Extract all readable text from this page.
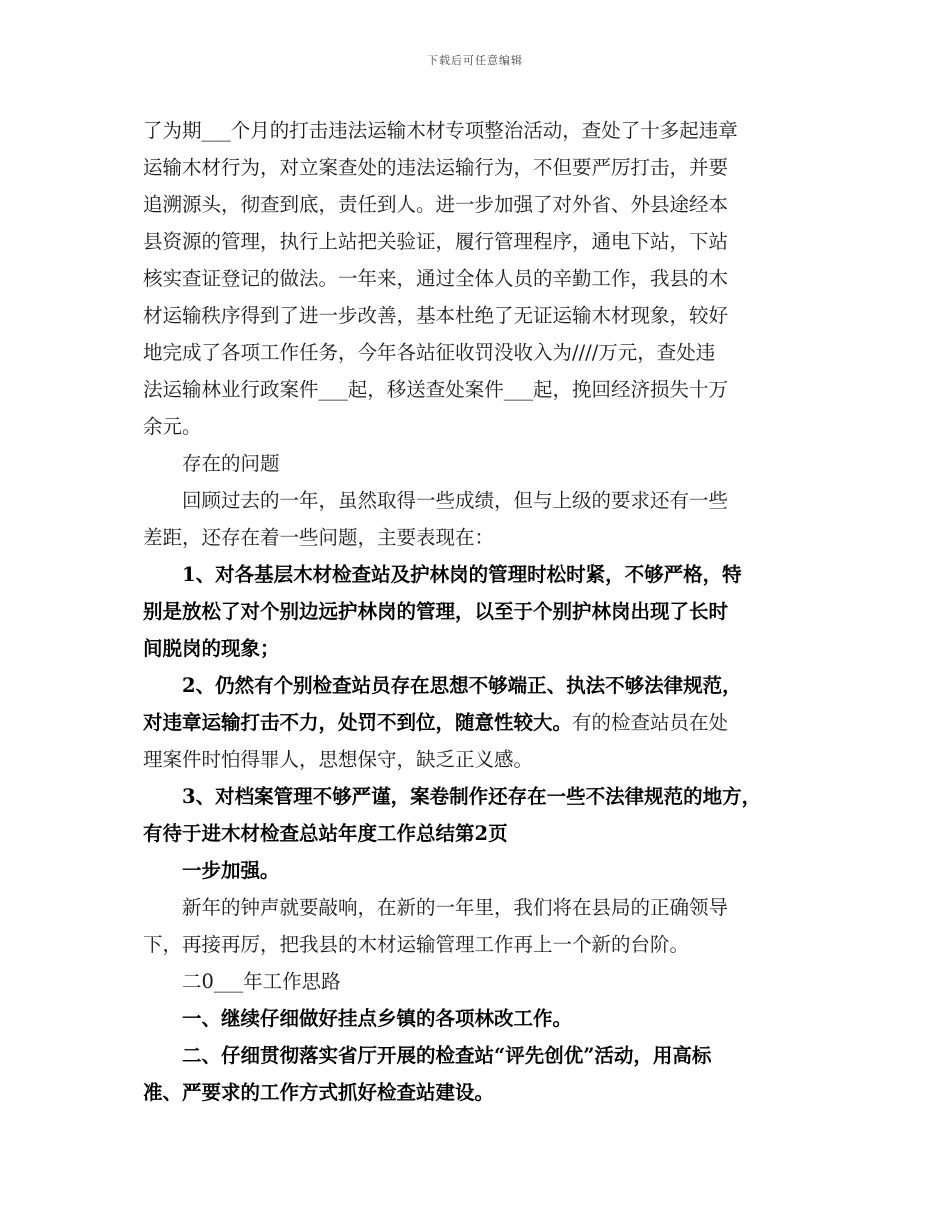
下载后可任意编辑

了为期___个月的打击违法运输木材专项整治活动，查处了十多起违章
运输木材行为，对立案查处的违法运输行为，不但要严厉打击，并要
追溯源头，彻查到底，责任到人。进一步加强了对外省、外县途经本
县资源的管理，执行上站把关验证，履行管理程序，通电下站，下站
核实查证登记的做法。一年来，通过全体人员的辛勤工作，我县的木
材运输秩序得到了进一步改善，基本杜绝了无证运输木材现象，较好
地完成了各项工作任务，今年各站征收罚没收入为////万元，查处违
法运输林业行政案件___起，移送查处案件___起，挽回经济损失十万
余元。

存在的问题

回顾过去的一年，虽然取得一些成绩，但与上级的要求还有一些
差距，还存在着一些问题，主要表现在：

1、对各基层木材检查站及护林岗的管理时松时紧，不够严格，特
别是放松了对个别边远护林岗的管理，以至于个别护林岗出现了长时
间脱岗的现象；

2、仍然有个别检查站员存在思想不够端正、执法不够法律规范，
对违章运输打击不力，处罚不到位，随意性较大。有的检查站员在处
理案件时怕得罪人，思想保守，缺乏正义感。

3、对档案管理不够严谨，案卷制作还存在一些不法律规范的地方，
有待于进木材检查总站年度工作总结第2页

一步加强。

新年的钟声就要敲响，在新的一年里，我们将在县局的正确领导
下，再接再厉，把我县的木材运输管理工作再上一个新的台阶。

二0___年工作思路

一、继续仔细做好挂点乡镇的各项林改工作。

二、仔细贯彻落实省厅开展的检查站“评先创优”活动，用高标
准、严要求的工作方式抓好检查站建设。
